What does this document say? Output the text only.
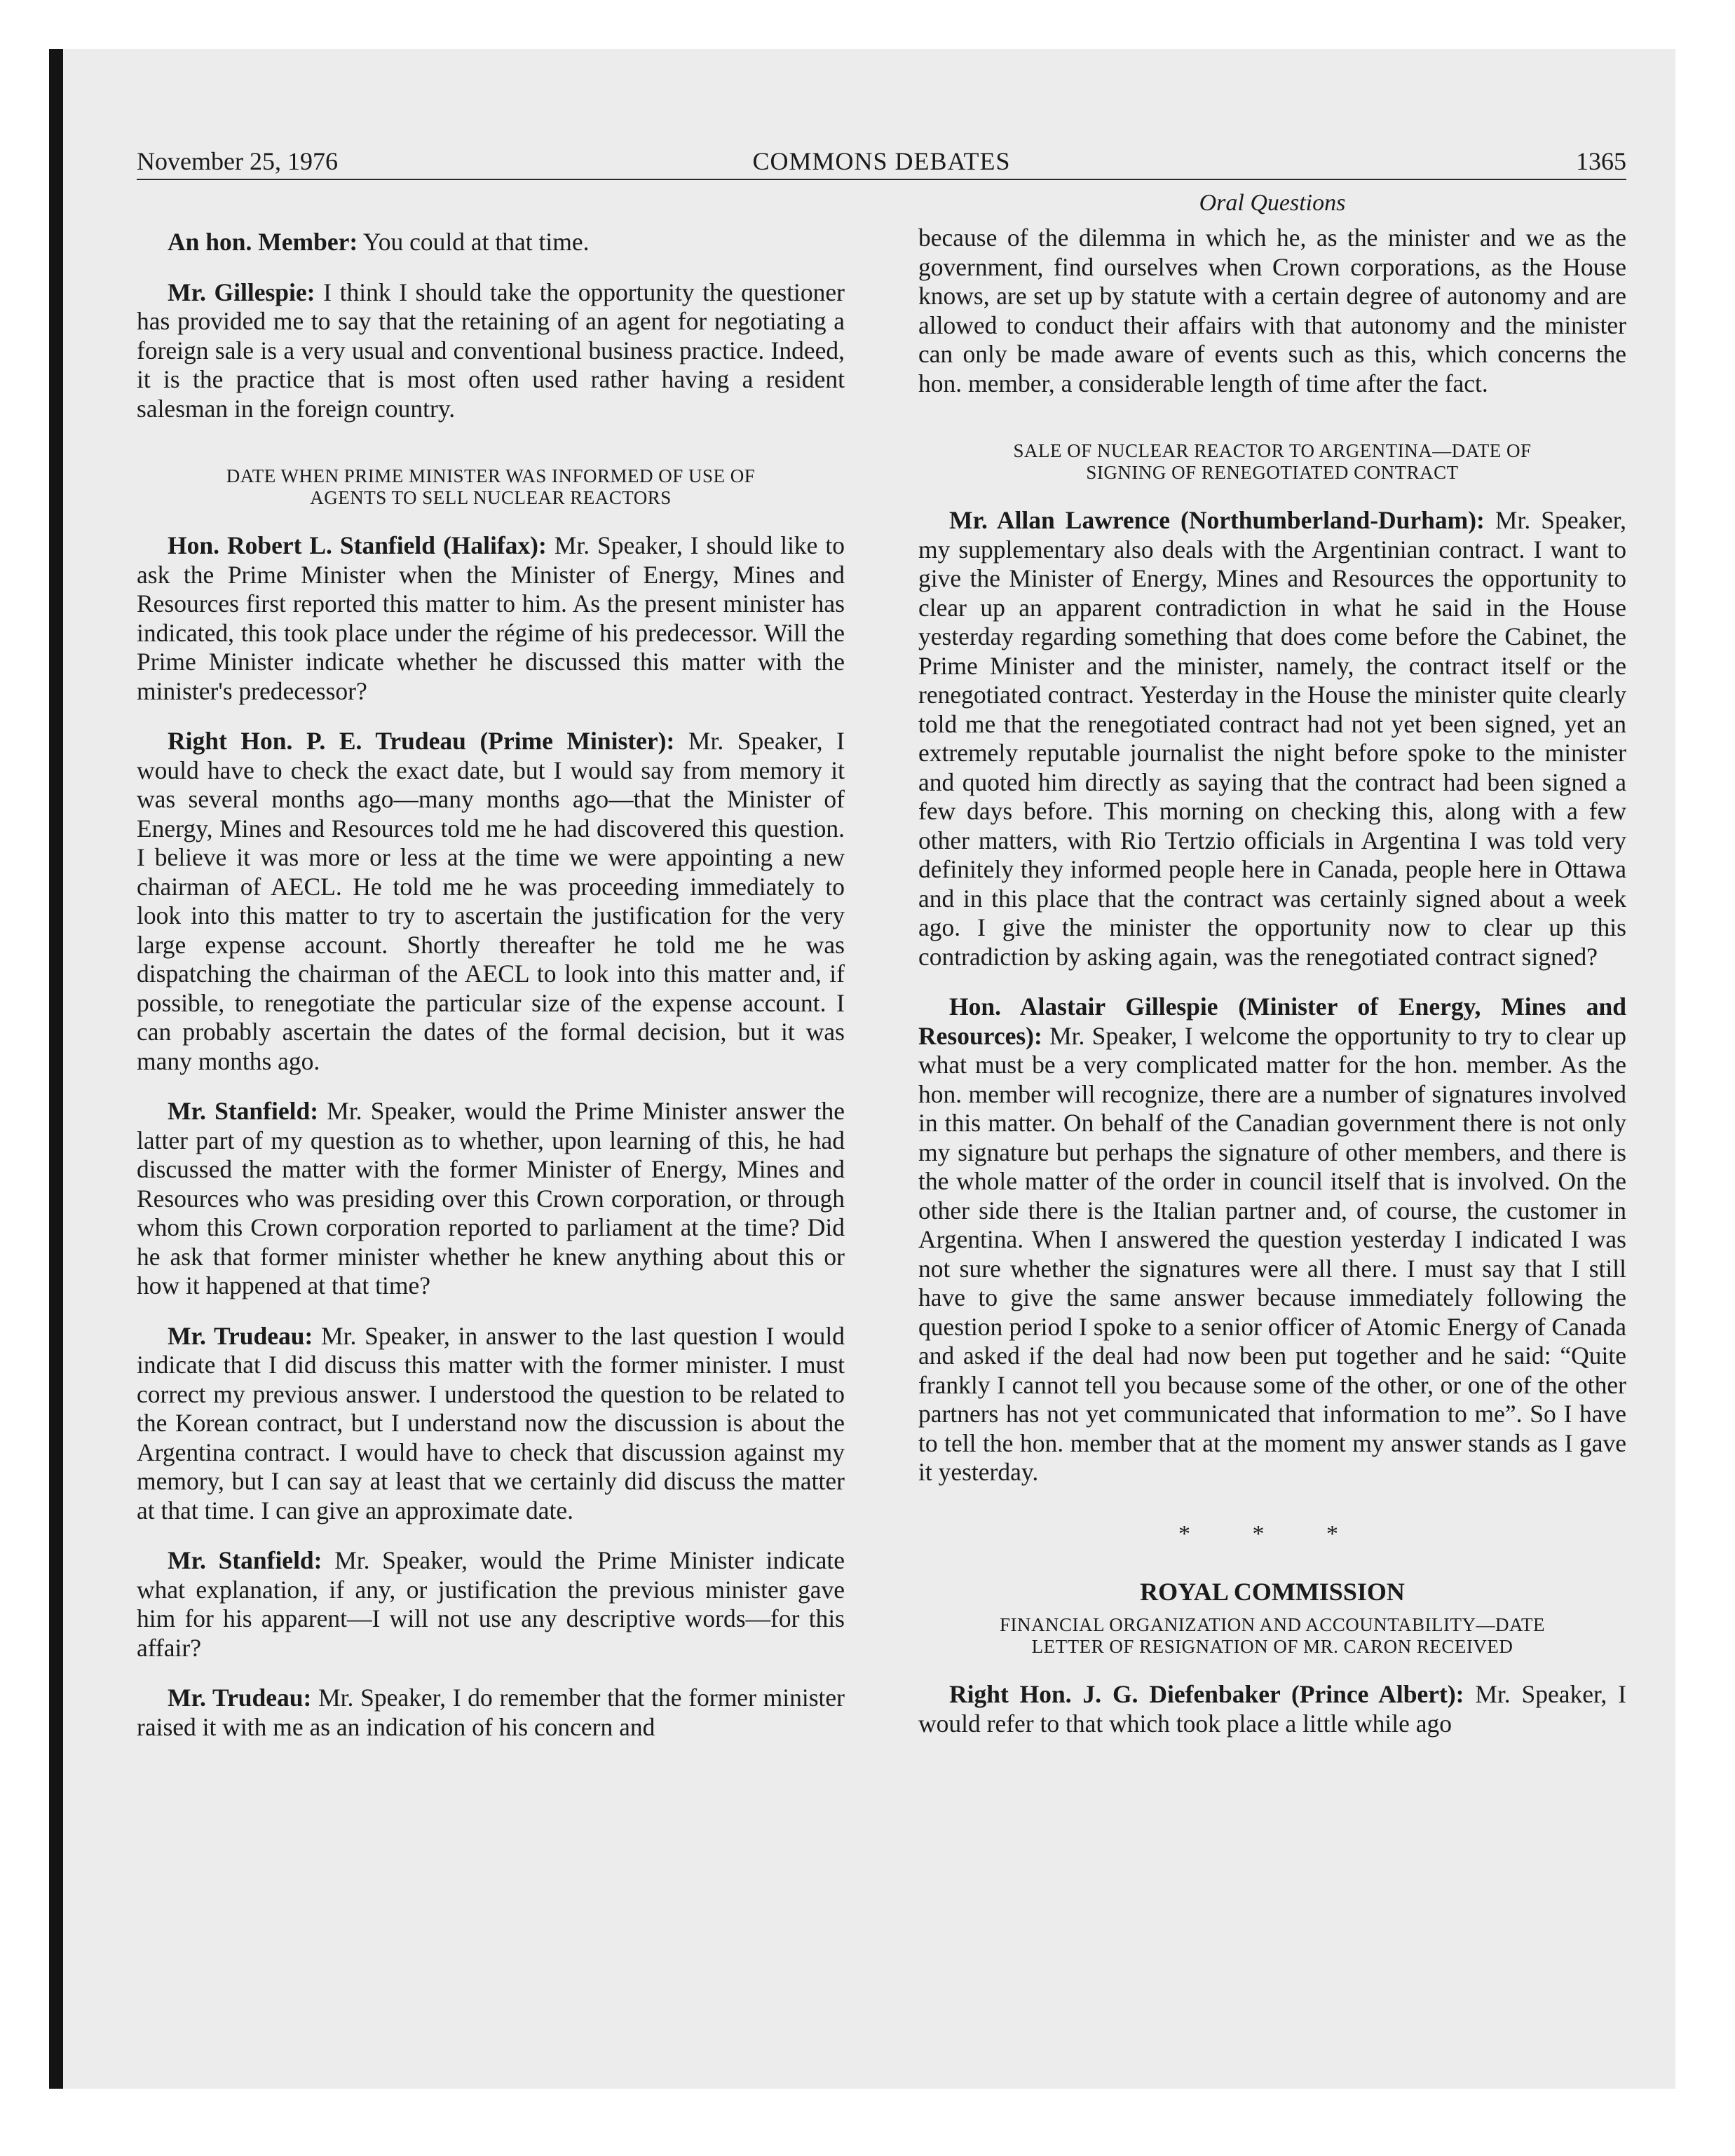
November 25, 1976	COMMONS DEBATES	1365

An hon. Member: You could at that time.

Mr. Gillespie: I think I should take the opportunity the questioner has provided me to say that the retaining of an agent for negotiating a foreign sale is a very usual and conventional business practice. Indeed, it is the practice that is most often used rather having a resident salesman in the foreign country.

DATE WHEN PRIME MINISTER WAS INFORMED OF USE OF
AGENTS TO SELL NUCLEAR REACTORS

Hon. Robert L. Stanfield (Halifax): Mr. Speaker, I should like to ask the Prime Minister when the Minister of Energy, Mines and Resources first reported this matter to him. As the present minister has indicated, this took place under the régime of his predecessor. Will the Prime Minister indicate whether he discussed this matter with the minister's predecessor?

Right Hon. P. E. Trudeau (Prime Minister): Mr. Speaker, I would have to check the exact date, but I would say from memory it was several months ago—many months ago—that the Minister of Energy, Mines and Resources told me he had discovered this question. I believe it was more or less at the time we were appointing a new chairman of AECL. He told me he was proceeding immediately to look into this matter to try to ascertain the justification for the very large expense account. Shortly thereafter he told me he was dispatching the chairman of the AECL to look into this matter and, if possible, to renegotiate the particular size of the expense account. I can probably ascertain the dates of the formal decision, but it was many months ago.

Mr. Stanfield: Mr. Speaker, would the Prime Minister answer the latter part of my question as to whether, upon learning of this, he had discussed the matter with the former Minister of Energy, Mines and Resources who was presiding over this Crown corporation, or through whom this Crown corporation reported to parliament at the time? Did he ask that former minister whether he knew anything about this or how it happened at that time?

Mr. Trudeau: Mr. Speaker, in answer to the last question I would indicate that I did discuss this matter with the former minister. I must correct my previous answer. I understood the question to be related to the Korean contract, but I understand now the discussion is about the Argentina contract. I would have to check that discussion against my memory, but I can say at least that we certainly did discuss the matter at that time. I can give an approximate date.

Mr. Stanfield: Mr. Speaker, would the Prime Minister indicate what explanation, if any, or justification the previous minister gave him for his apparent—I will not use any descriptive words—for this affair?

Mr. Trudeau: Mr. Speaker, I do remember that the former minister raised it with me as an indication of his concern and

Oral Questions

because of the dilemma in which he, as the minister and we as the government, find ourselves when Crown corporations, as the House knows, are set up by statute with a certain degree of autonomy and are allowed to conduct their affairs with that autonomy and the minister can only be made aware of events such as this, which concerns the hon. member, a considerable length of time after the fact.

SALE OF NUCLEAR REACTOR TO ARGENTINA—DATE OF
SIGNING OF RENEGOTIATED CONTRACT

Mr. Allan Lawrence (Northumberland-Durham): Mr. Speaker, my supplementary also deals with the Argentinian contract. I want to give the Minister of Energy, Mines and Resources the opportunity to clear up an apparent contradiction in what he said in the House yesterday regarding something that does come before the Cabinet, the Prime Minister and the minister, namely, the contract itself or the renegotiated contract. Yesterday in the House the minister quite clearly told me that the renegotiated contract had not yet been signed, yet an extremely reputable journalist the night before spoke to the minister and quoted him directly as saying that the contract had been signed a few days before. This morning on checking this, along with a few other matters, with Rio Tertzio officials in Argentina I was told very definitely they informed people here in Canada, people here in Ottawa and in this place that the contract was certainly signed about a week ago. I give the minister the opportunity now to clear up this contradiction by asking again, was the renegotiated contract signed?

Hon. Alastair Gillespie (Minister of Energy, Mines and Resources): Mr. Speaker, I welcome the opportunity to try to clear up what must be a very complicated matter for the hon. member. As the hon. member will recognize, there are a number of signatures involved in this matter. On behalf of the Canadian government there is not only my signature but perhaps the signature of other members, and there is the whole matter of the order in council itself that is involved. On the other side there is the Italian partner and, of course, the customer in Argentina. When I answered the question yesterday I indicated I was not sure whether the signatures were all there. I must say that I still have to give the same answer because immediately following the question period I spoke to a senior officer of Atomic Energy of Canada and asked if the deal had now been put together and he said: “Quite frankly I cannot tell you because some of the other, or one of the other partners has not yet communicated that information to me”. So I have to tell the hon. member that at the moment my answer stands as I gave it yesterday.

* * *
ROYAL COMMISSION
FINANCIAL ORGANIZATION AND ACCOUNTABILITY—DATE
LETTER OF RESIGNATION OF MR. CARON RECEIVED

Right Hon. J. G. Diefenbaker (Prince Albert): Mr. Speaker, I would refer to that which took place a little while ago
